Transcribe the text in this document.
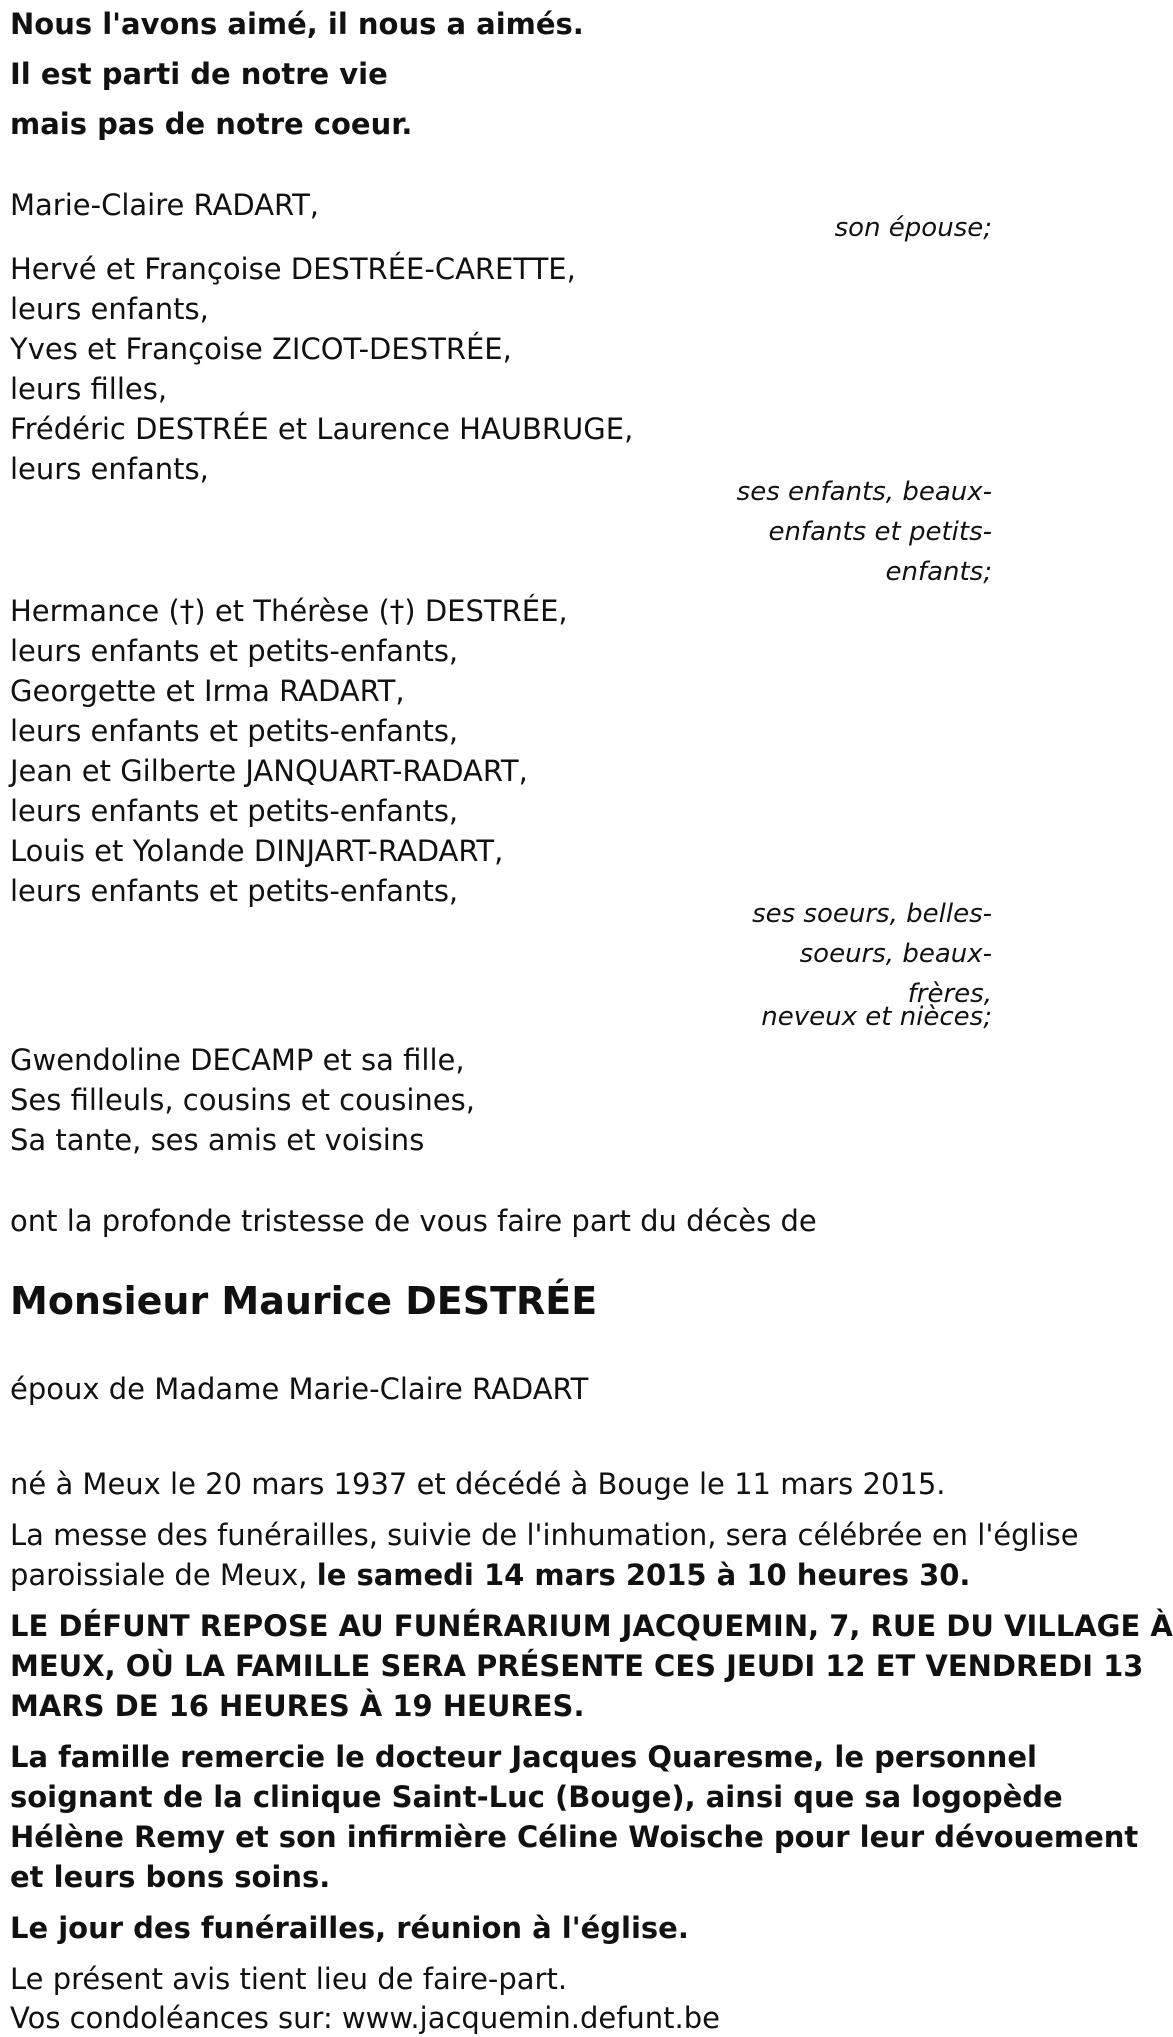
Nous l'avons aimé, il nous a aimés.
Il est parti de notre vie
mais pas de notre coeur.
Marie-Claire RADART,
son épouse;
Hervé et Françoise DESTRÉE-CARETTE,
leurs enfants,
Yves et Françoise ZICOT-DESTRÉE,
leurs filles,
Frédéric DESTRÉE et Laurence HAUBRUGE,
leurs enfants,
ses enfants, beaux-
enfants et petits-
enfants;
Hermance (†) et Thérèse (†) DESTRÉE,
leurs enfants et petits-enfants,
Georgette et Irma RADART,
leurs enfants et petits-enfants,
Jean et Gilberte JANQUART-RADART,
leurs enfants et petits-enfants,
Louis et Yolande DINJART-RADART,
leurs enfants et petits-enfants,
ses soeurs, belles-
soeurs, beaux-
frères,
neveux et nièces;
Gwendoline DECAMP et sa fille,
Ses filleuls, cousins et cousines,
Sa tante, ses amis et voisins
ont la profonde tristesse de vous faire part du décès de
Monsieur Maurice DESTRÉE
époux de Madame Marie-Claire RADART
né à Meux le 20 mars 1937 et décédé à Bouge le 11 mars 2015.
La messe des funérailles, suivie de l'inhumation, sera célébrée en l'église
paroissiale de Meux, le samedi 14 mars 2015 à 10 heures 30.
LE DÉFUNT REPOSE AU FUNÉRARIUM JACQUEMIN, 7, RUE DU VILLAGE À
MEUX, OÙ LA FAMILLE SERA PRÉSENTE CES JEUDI 12 ET VENDREDI 13
MARS DE 16 HEURES À 19 HEURES.
La famille remercie le docteur Jacques Quaresme, le personnel
soignant de la clinique Saint-Luc (Bouge), ainsi que sa logopède
Hélène Remy et son infirmière Céline Woische pour leur dévouement
et leurs bons soins.
Le jour des funérailles, réunion à l'église.
Le présent avis tient lieu de faire-part.
Vos condoléances sur: www.jacquemin.defunt.be
